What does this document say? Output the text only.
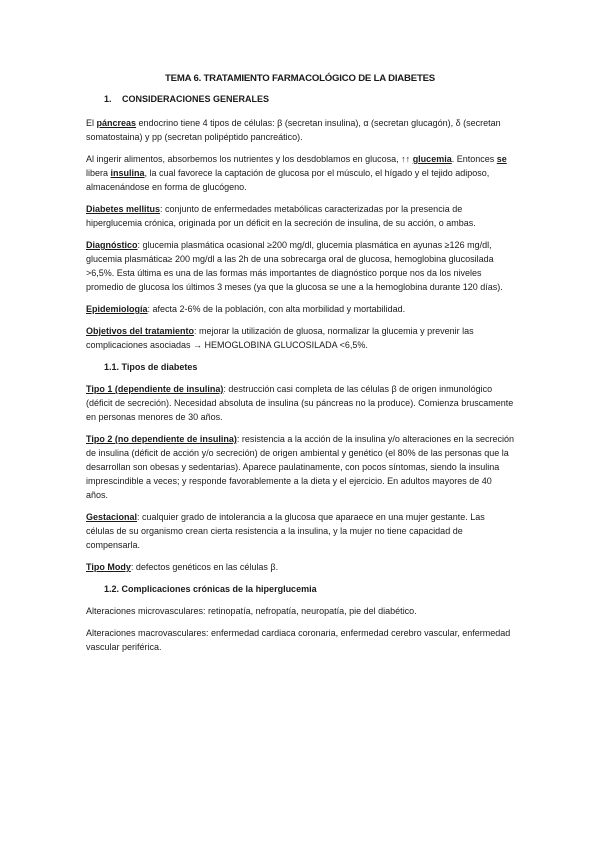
TEMA 6. TRATAMIENTO FARMACOLÓGICO DE LA DIABETES
1. CONSIDERACIONES GENERALES

El páncreas endocrino tiene 4 tipos de células: β (secretan insulina), α (secretan glucagón), δ (secretan somatostaina) y pp (secretan polipéptido pancreático).

Al ingerir alimentos, absorbemos los nutrientes y los desdoblamos en glucosa, ↑↑ glucemia. Entonces se libera insulina, la cual favorece la captación de glucosa por el músculo, el hígado y el tejido adiposo, almacenándose en forma de glucógeno.

Diabetes mellitus: conjunto de enfermedades metabólicas caracterizadas por la presencia de hiperglucemia crónica, originada por un déficit en la secreción de insulina, de su acción, o ambas.

Diagnóstico: glucemia plasmática ocasional ≥200 mg/dl, glucemia plasmática en ayunas ≥126 mg/dl, glucemia plasmática≥ 200 mg/dl a las 2h de una sobrecarga oral de glucosa, hemoglobina glucosilada >6,5%. Esta última es una de las formas más importantes de diagnóstico porque nos da los niveles promedio de glucosa los últimos 3 meses (ya que la glucosa se une a la hemoglobina durante 120 días).

Epidemiología: afecta 2-6% de la población, con alta morbilidad y mortabilidad.

Objetivos del tratamiento: mejorar la utilización de gluosa, normalizar la glucemia y prevenir las complicaciones asociadas → HEMOGLOBINA GLUCOSILADA <6,5%.

1.1. Tipos de diabetes

Tipo 1 (dependiente de insulina): destrucción casi completa de las células β de origen inmunológico (déficit de secreción). Necesidad absoluta de insulina (su páncreas no la produce). Comienza bruscamente en personas menores de 30 años.

Tipo 2 (no dependiente de insulina): resistencia a la acción de la insulina y/o alteraciones en la secreción de insulina (déficit de acción y/o secreción) de origen ambiental y genético (el 80% de las personas que la desarrollan son obesas y sedentarias). Aparece paulatinamente, con pocos síntomas, siendo la insulina imprescindible a veces; y responde favorablemente a la dieta y el ejercicio. En adultos mayores de 40 años.

Gestacional: cualquier grado de intolerancia a la glucosa que aparaece en una mujer gestante. Las células de su organismo crean cierta resistencia a la insulina, y la mujer no tiene capacidad de compensarla.

Tipo Mody: defectos genéticos en las células β.

1.2. Complicaciones crónicas de la hiperglucemia

Alteraciones microvasculares: retinopatía, nefropatía, neuropatía, pie del diabético.

Alteraciones macrovasculares: enfermedad cardiaca coronaria, enfermedad cerebro vascular, enfermedad vascular periférica.
